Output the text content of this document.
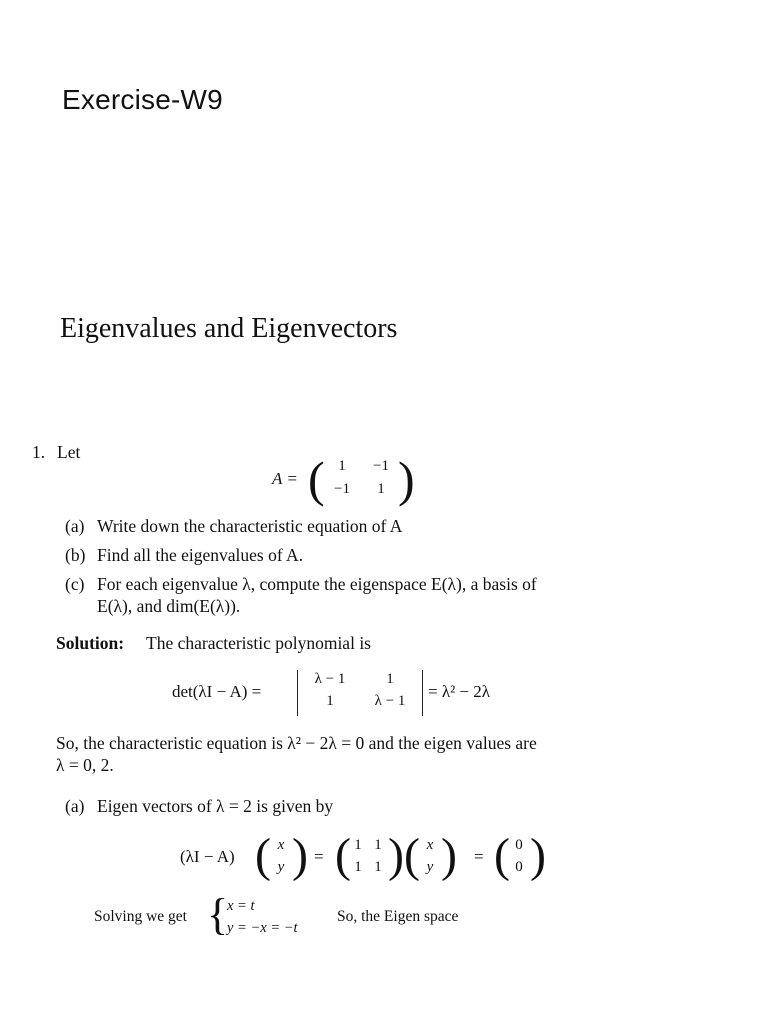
Exercise-W9
Eigenvalues and Eigenvectors
1. Let
A = ( 1	−1
−1	1 )
(a) Write down the characteristic equation of A
(b) Find all the eigenvalues of A.
(c) For each eigenvalue λ, compute the eigenspace E(λ), a basis of
E(λ), and dim(E(λ)).
Solution: The characteristic polynomial is
det(λI − A) =
λ − 1	1
1	λ − 1	= λ² − 2λ
So, the characteristic equation is λ² − 2λ = 0 and the eigen values are
λ = 0, 2.
(a) Eigen vectors of λ = 2 is given by
(λI − A) ( x
y ) = ( 1 1
1 1 ) ( x
y ) = ( 0
0 )
Solving we get {
x = t
y = −x = −t
So, the Eigen space
